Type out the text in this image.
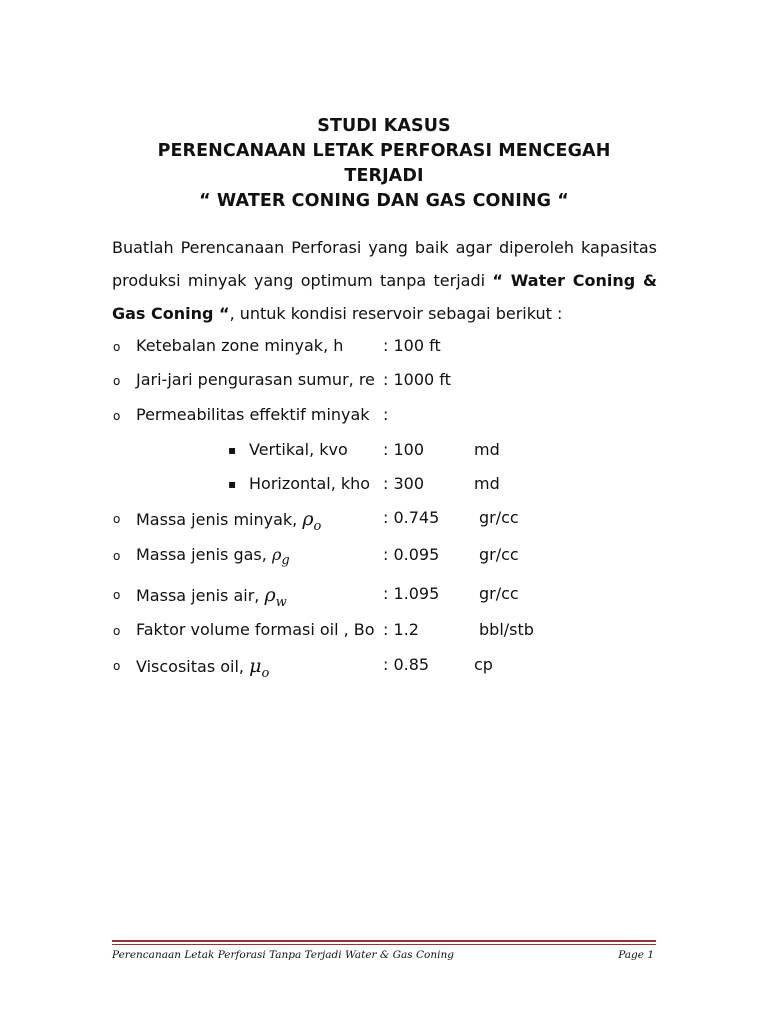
STUDI KASUS
PERENCANAAN LETAK PERFORASI MENCEGAH
TERJADI
“ WATER CONING DAN GAS CONING “
Buatlah Perencanaan Perforasi yang baik agar diperoleh kapasitas produksi minyak yang optimum tanpa terjadi “ Water Coning & Gas Coning “, untuk kondisi reservoir sebagai berikut :
o Ketebalan zone minyak, h : 100 ft
o Jari-jari pengurasan sumur, re : 1000 ft
o Permeabilitas effektif minyak :
▪ Vertikal, kvo : 100	md
▪ Horizontal, kho : 300	md
o Massa jenis minyak, $\rho_o$	: 0.745 gr/cc
o Massa jenis gas, $\rho_g$	: 0.095 gr/cc
o Massa jenis air, $\rho_w$	: 1.095 gr/cc
o Faktor volume formasi oil , Bo : 1.2	bbl/stb
o Viscositas oil, $\mu_o$	: 0.85	cp
Perencanaan Letak Perforasi Tanpa Terjadi Water & Gas Coning	Page 1
